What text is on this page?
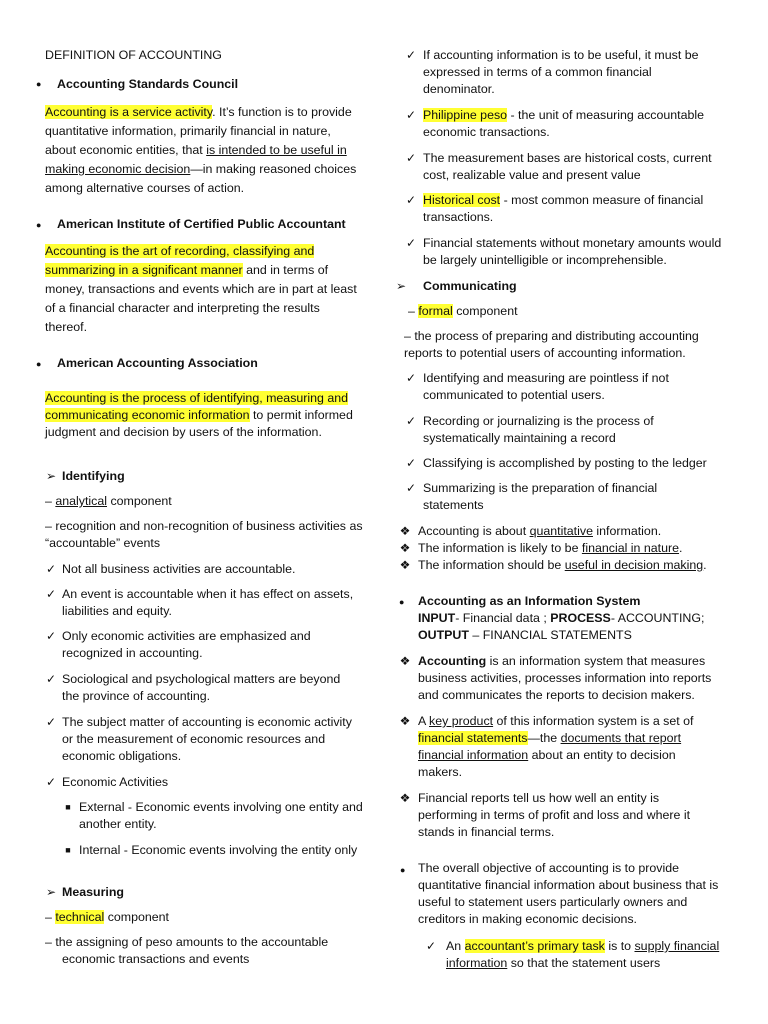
DEFINITION OF ACCOUNTING
● Accounting Standards Council

Accounting is a service activity. It’s function is to provide quantitative information, primarily financial in nature, about economic entities, that is intended to be useful in making economic decision—in making reasoned choices among alternative courses of action.

● American Institute of Certified Public Accountant

Accounting is the art of recording, classifying and summarizing in a significant manner and in terms of money, transactions and events which are in part at least of a financial character and interpreting the results thereof.

● American Accounting Association

Accounting is the process of identifying, measuring and communicating economic information to permit informed judgment and decision by users of the information.

➢ Identifying
– analytical component
– recognition and non-recognition of business activities as “accountable” events
✓ Not all business activities are accountable.
✓ An event is accountable when it has effect on assets, liabilities and equity.
✓ Only economic activities are emphasized and recognized in accounting.
✓ Sociological and psychological matters are beyond the province of accounting.
✓ The subject matter of accounting is economic activity or the measurement of economic resources and economic obligations.
✓ Economic Activities
■ External - Economic events involving one entity and another entity.
■ Internal - Economic events involving the entity only
➢ Measuring
– technical component
– the assigning of peso amounts to the accountable economic transactions and events
✓ If accounting information is to be useful, it must be expressed in terms of a common financial denominator.

✓ Philippine peso - the unit of measuring accountable economic transactions.

✓ The measurement bases are historical costs, current cost, realizable value and present value

✓ Historical cost - most common measure of financial transactions.

✓ Financial statements without monetary amounts would be largely unintelligible or incomprehensible.

➢ Communicating
– formal component
– the process of preparing and distributing accounting reports to potential users of accounting information.
✓ Identifying and measuring are pointless if not communicated to potential users.
✓ Recording or journalizing is the process of systematically maintaining a record
✓ Classifying is accomplished by posting to the ledger
✓ Summarizing is the preparation of financial statements
❖ Accounting is about quantitative information.
❖ The information is likely to be financial in nature.
❖ The information should be useful in decision making.
● Accounting as an Information System
INPUT- Financial data ; PROCESS- ACCOUNTING;
OUTPUT – FINANCIAL STATEMENTS
❖ Accounting is an information system that measures business activities, processes information into reports and communicates the reports to decision makers.

❖ A key product of this information system is a set of financial statements—the documents that report financial information about an entity to decision makers.

❖ Financial reports tell us how well an entity is performing in terms of profit and loss and where it stands in financial terms.
● The overall objective of accounting is to provide quantitative financial information about business that is useful to statement users particularly owners and creditors in making economic decisions.
✓ An accountant’s primary task is to supply financial information so that the statement users
